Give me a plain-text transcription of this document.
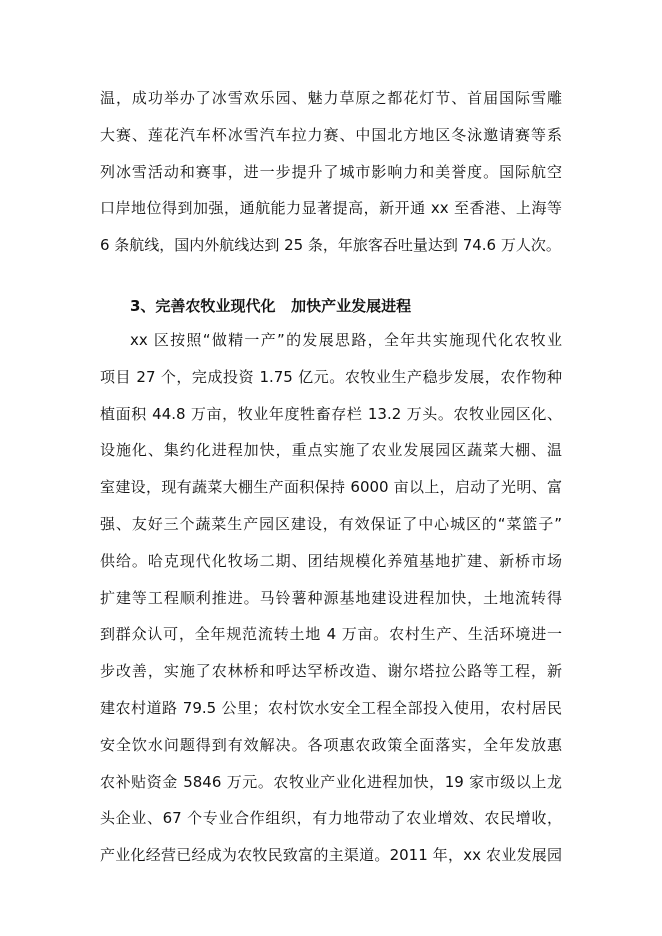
温，成功举办了冰雪欢乐园、魅力草原之都花灯节、首届国际雪雕
大赛、莲花汽车杯冰雪汽车拉力赛、中国北方地区冬泳邀请赛等系
列冰雪活动和赛事，进一步提升了城市影响力和美誉度。国际航空
口岸地位得到加强，通航能力显著提高，新开通 xx 至香港、上海等
6 条航线，国内外航线达到 25 条，年旅客吞吐量达到 74.6 万人次。
3、完善农牧业现代化   加快产业发展进程
xx 区按照“做精一产”的发展思路，全年共实施现代化农牧业
项目 27 个，完成投资 1.75 亿元。农牧业生产稳步发展，农作物种
植面积 44.8 万亩，牧业年度牲畜存栏 13.2 万头。农牧业园区化、
设施化、集约化进程加快，重点实施了农业发展园区蔬菜大棚、温
室建设，现有蔬菜大棚生产面积保持 6000 亩以上，启动了光明、富
强、友好三个蔬菜生产园区建设，有效保证了中心城区的“菜篮子”
供给。哈克现代化牧场二期、团结规模化养殖基地扩建、新桥市场
扩建等工程顺利推进。马铃薯种源基地建设进程加快，土地流转得
到群众认可，全年规范流转土地 4 万亩。农村生产、生活环境进一
步改善，实施了农林桥和呼达罕桥改造、谢尔塔拉公路等工程，新
建农村道路 79.5 公里；农村饮水安全工程全部投入使用，农村居民
安全饮水问题得到有效解决。各项惠农政策全面落实，全年发放惠
农补贴资金 5846 万元。农牧业产业化进程加快，19 家市级以上龙
头企业、67 个专业合作组织，有力地带动了农业增效、农民增收，
产业化经营已经成为农牧民致富的主渠道。2011 年，xx 农业发展园
